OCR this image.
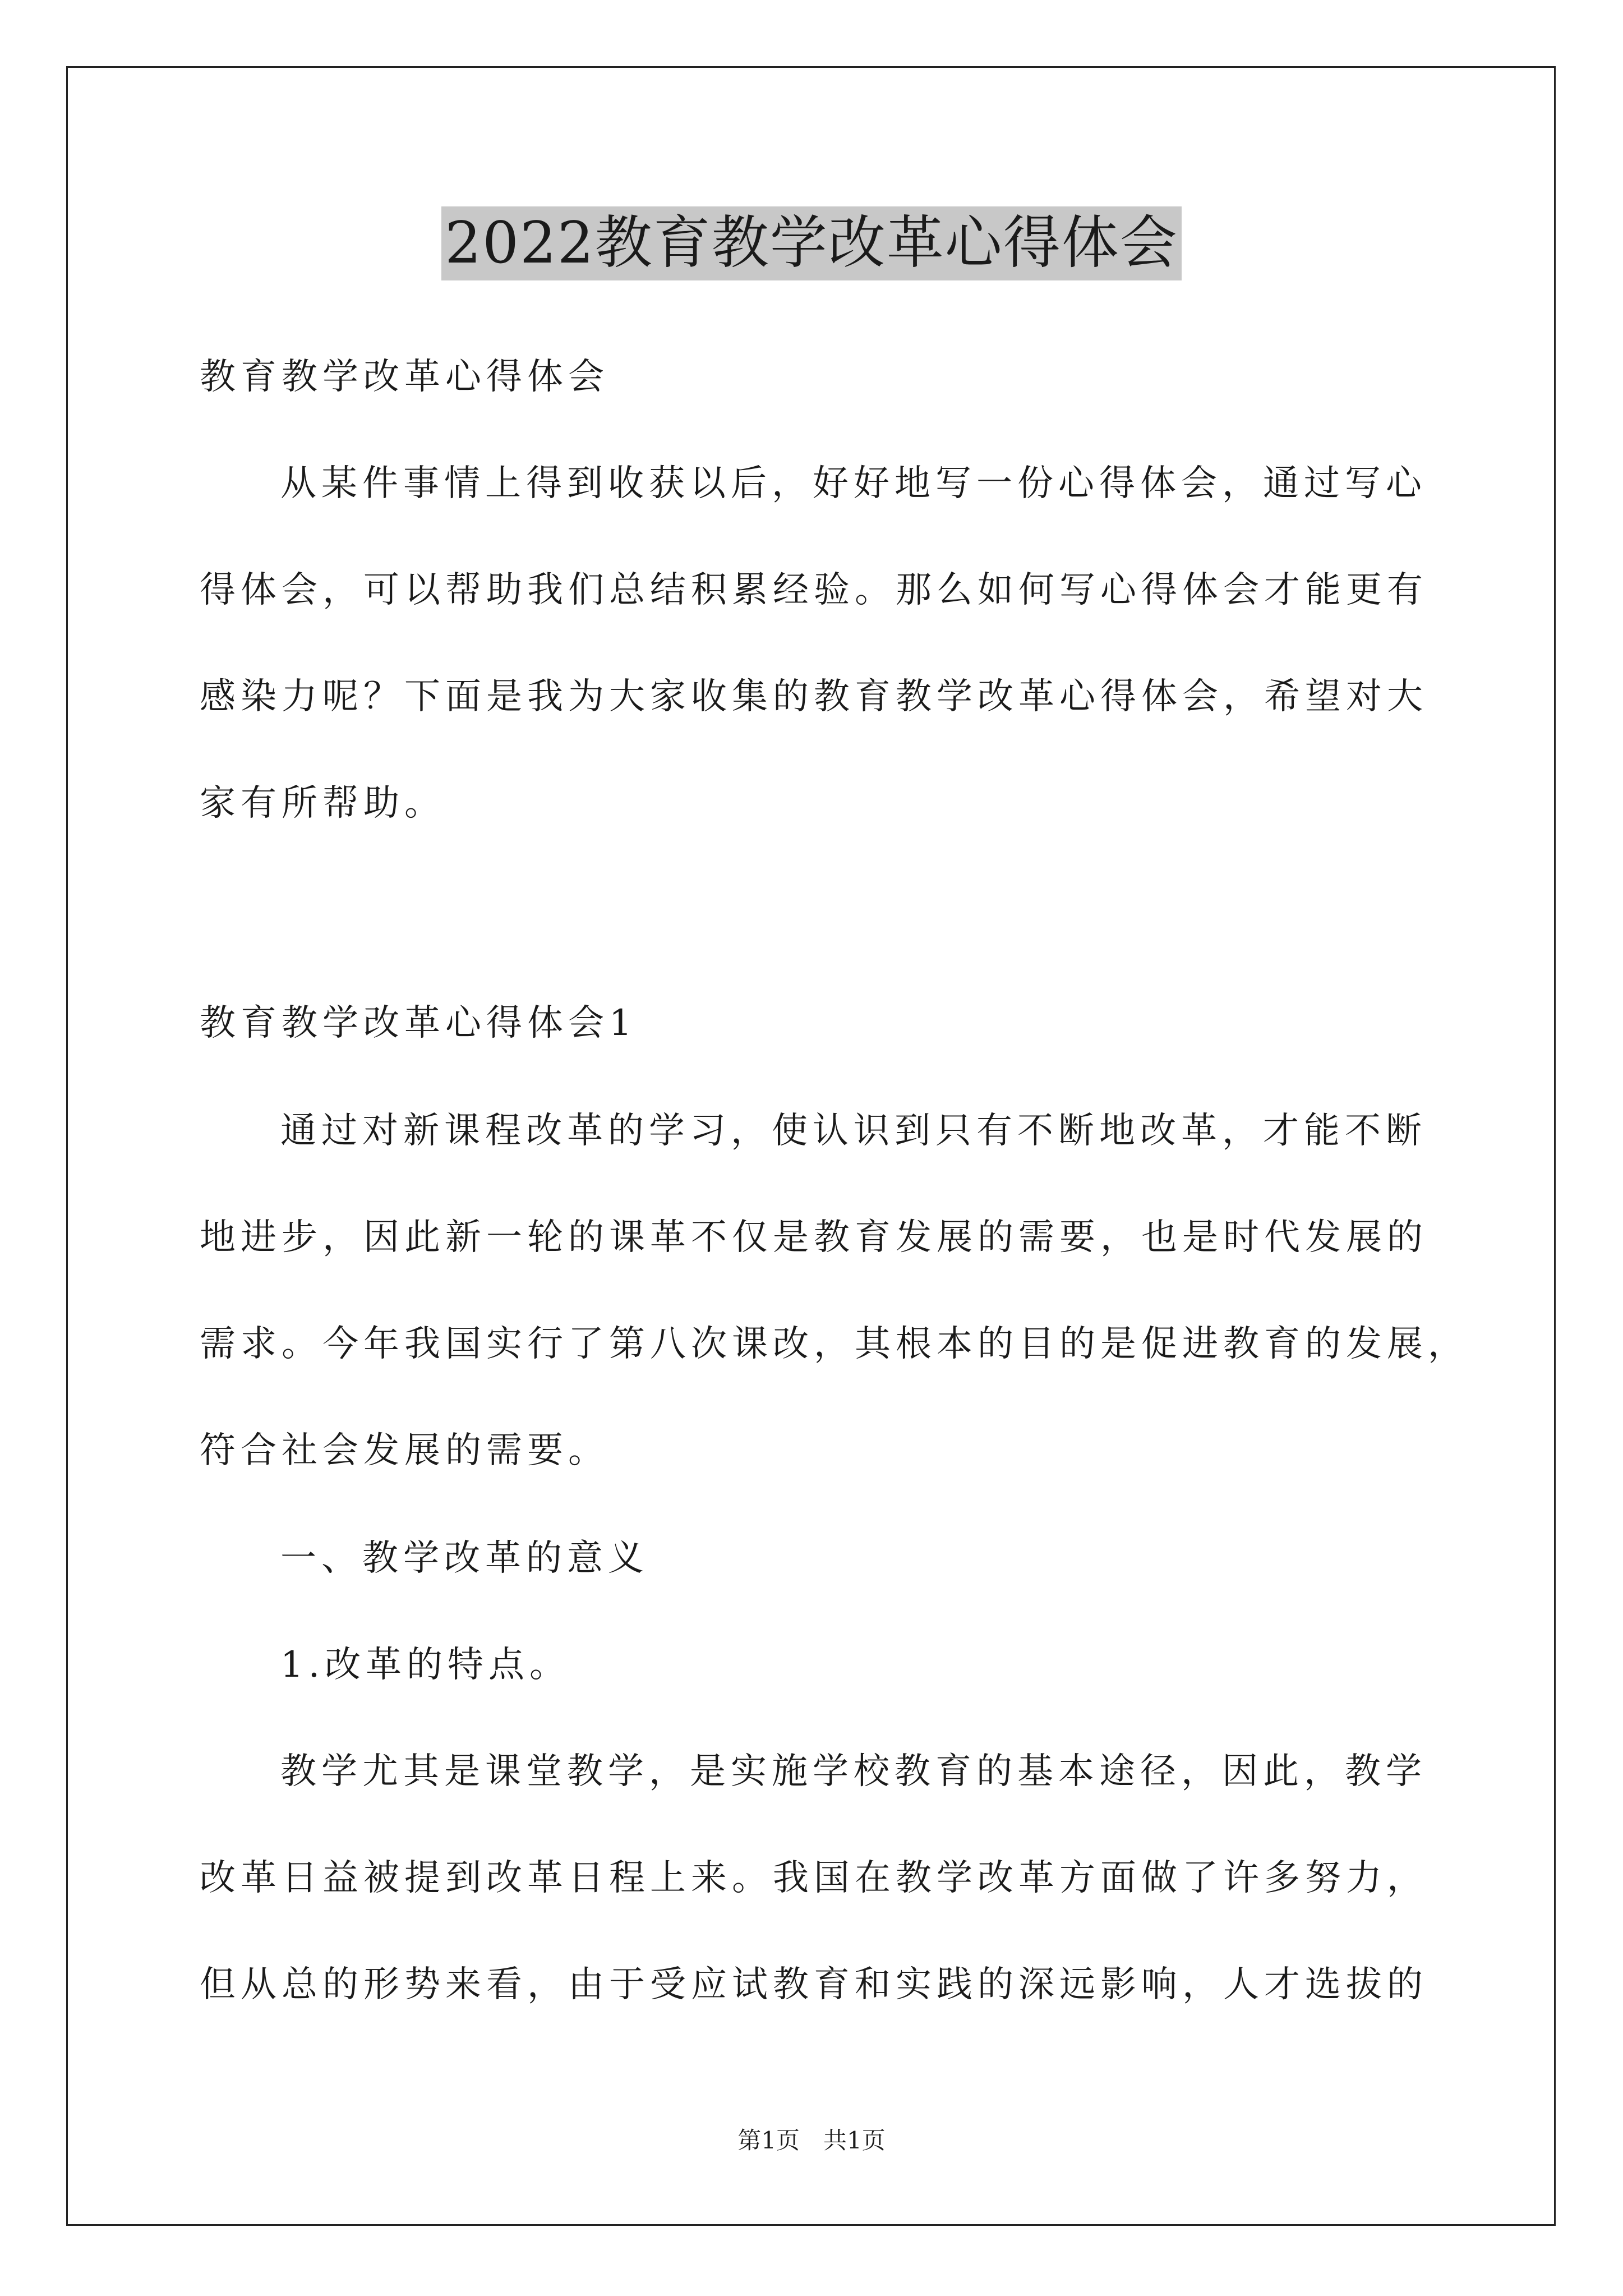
2022教育教学改革心得体会
教育教学改革心得体会
从某件事情上得到收获以后，好好地写一份心得体会，通过写心
得体会，可以帮助我们总结积累经验。那么如何写心得体会才能更有
感染力呢？下面是我为大家收集的教育教学改革心得体会，希望对大
家有所帮助。
教育教学改革心得体会1
通过对新课程改革的学习，使认识到只有不断地改革，才能不断
地进步，因此新一轮的课革不仅是教育发展的需要，也是时代发展的
需求。今年我国实行了第八次课改，其根本的目的是促进教育的发展，
符合社会发展的需要。
一、教学改革的意义
1.改革的特点。
教学尤其是课堂教学，是实施学校教育的基本途径，因此，教学
改革日益被提到改革日程上来。我国在教学改革方面做了许多努力，
但从总的形势来看，由于受应试教育和实践的深远影响，人才选拔的
第1页　共1页
